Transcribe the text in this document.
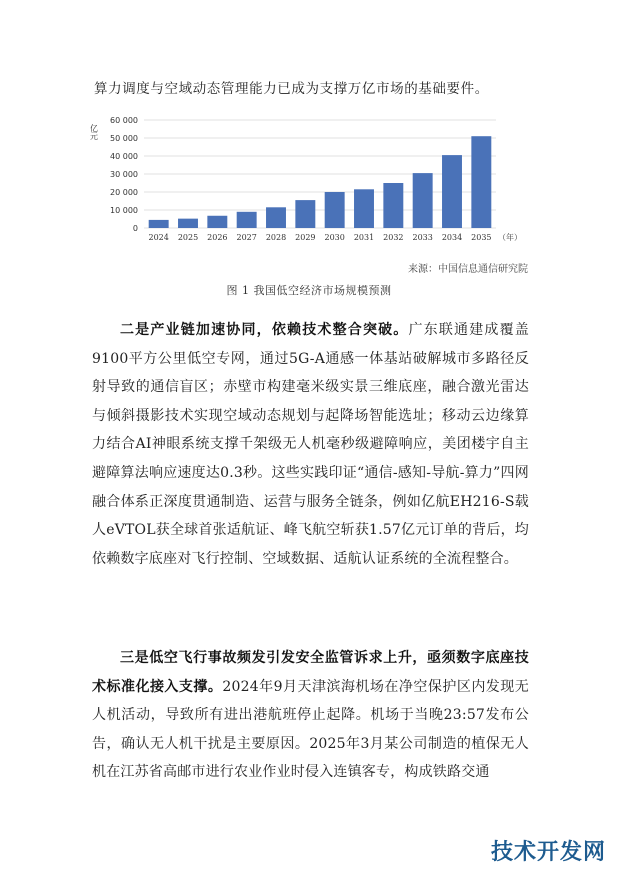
算力调度与空域动态管理能力已成为支撑万亿市场的基础要件。
亿元
0
10 000
20 000
30 000
40 000
50 000
60 000
2024 2025 2026 2027 2028 2029 2030 2031 2032 2033 2034 2035 （年）
来源：中国信息通信研究院
图 1 我国低空经济市场规模预测
二是产业链加速协同，依赖技术整合突破。广东联通建成覆盖9100平方公里低空专网，通过5G-A通感一体基站破解城市多路径反射导致的通信盲区；赤壁市构建毫米级实景三维底座，融合激光雷达与倾斜摄影技术实现空域动态规划与起降场智能选址；移动云边缘算力结合AI神眼系统支撑千架级无人机毫秒级避障响应，美团楼宇自主避障算法响应速度达0.3秒。这些实践印证“通信-感知-导航-算力”四网融合体系正深度贯通制造、运营与服务全链条，例如亿航EH216-S载人eVTOL获全球首张适航证、峰飞航空斩获1.57亿元订单的背后，均依赖数字底座对飞行控制、空域数据、适航认证系统的全流程整合。
三是低空飞行事故频发引发安全监管诉求上升，亟须数字底座技术标准化接入支撑。2024年9月天津滨海机场在净空保护区内发现无人机活动，导致所有进出港航班停止起降。机场于当晚23:57发布公告，确认无人机干扰是主要原因。2025年3月某公司制造的植保无人机在江苏省高邮市进行农业作业时侵入连镇客专，构成铁路交通
技术开发网
